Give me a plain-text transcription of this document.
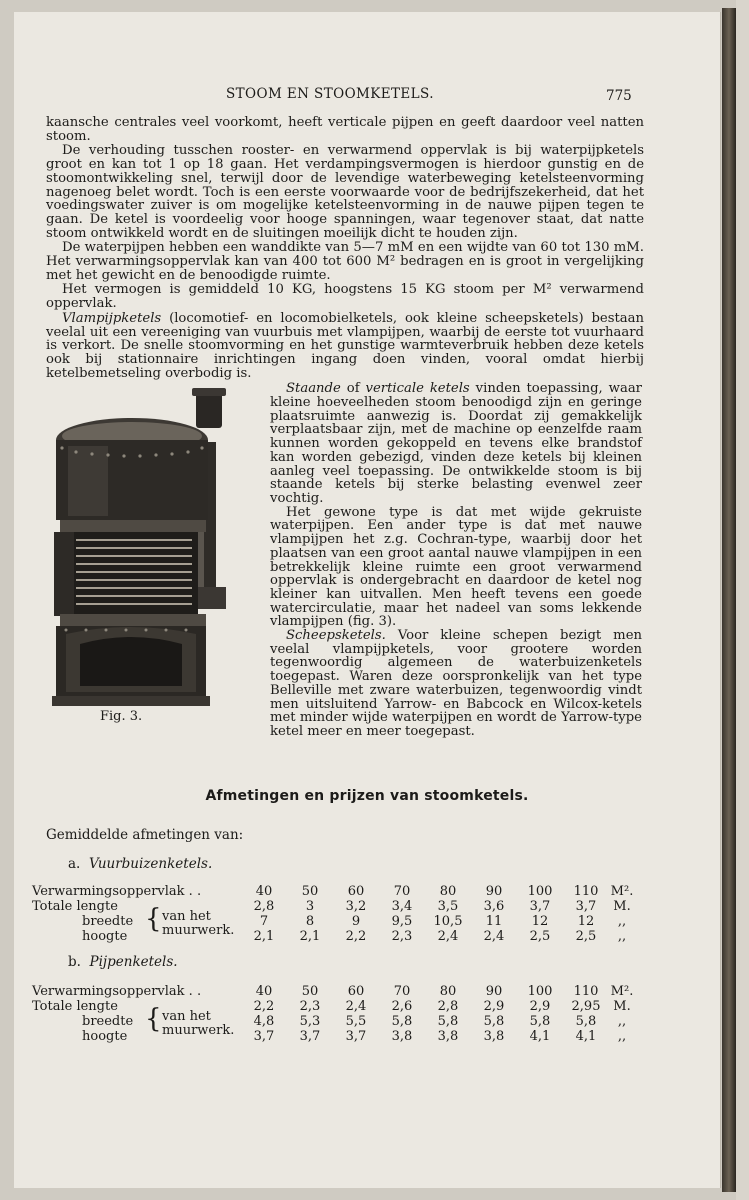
STOOM EN STOOMKETELS.	775

kaansche centrales veel voorkomt, heeft verticale pijpen en geeft daardoor veel natten stoom.

De verhouding tusschen rooster- en verwarmend oppervlak is bij waterpijpketels groot en kan tot 1 op 18 gaan. Het verdampingsvermogen is hierdoor gunstig en de stoomontwikkeling snel, terwijl door de levendige waterbeweging ketelsteenvorming nagenoeg belet wordt. Toch is een eerste voorwaarde voor de bedrijfszekerheid, dat het voedingswater zuiver is om mogelijke ketelsteenvorming in de nauwe pijpen tegen te gaan. De ketel is voordeelig voor hooge spanningen, waar tegenover staat, dat natte stoom ontwikkeld wordt en de sluitingen moeilijk dicht te houden zijn.

De waterpijpen hebben een wanddikte van 5—7 mM en een wijdte van 60 tot 130 mM. Het verwarmingsoppervlak kan van 400 tot 600 M² bedragen en is groot in vergelijking met het gewicht en de benoodigde ruimte.

Het vermogen is gemiddeld 10 KG, hoogstens 15 KG stoom per M² verwarmend oppervlak.

Vlampijpketels (locomotief- en locomobielketels, ook kleine scheepsketels) bestaan veelal uit een vereeniging van vuurbuis met vlampijpen, waarbij de eerste tot vuurhaard is verkort. De snelle stoomvorming en het gunstige warmteverbruik hebben deze ketels ook bij stationnaire inrichtingen ingang doen vinden, vooral omdat hierbij ketelbemetseling overbodig is.

Fig. 3.

Staande of verticale ketels vinden toepassing, waar kleine hoeveelheden stoom benoodigd zijn en geringe plaatsruimte aanwezig is. Doordat zij gemakkelijk verplaatsbaar zijn, met de machine op eenzelfde raam kunnen worden gekoppeld en tevens elke brandstof kan worden gebezigd, vinden deze ketels bij kleinen aanleg veel toepassing. De ontwikkelde stoom is bij staande ketels bij sterke belasting evenwel zeer vochtig.

Het gewone type is dat met wijde gekruiste waterpijpen. Een ander type is dat met nauwe vlampijpen het z.g. Cochran-type, waarbij door het plaatsen van een groot aantal nauwe vlampijpen in een betrekkelijk kleine ruimte een groot verwarmend oppervlak is ondergebracht en daardoor de ketel nog kleiner kan uitvallen. Men heeft tevens een goede watercirculatie, maar het nadeel van soms lekkende vlampijpen (fig. 3).

Scheepsketels. Voor kleine schepen bezigt men veelal vlampijpketels, voor grootere worden tegenwoordig algemeen de waterbuizenketels toegepast. Waren deze oorspronkelijk van het type Belleville met zware waterbuizen, tegenwoordig vindt men uitsluitend Yarrow- en Babcock en Wilcox-ketels met minder wijde waterpijpen en wordt de Yarrow-type ketel meer en meer toegepast.

Afmetingen en prijzen van stoomketels.
Gemiddelde afmetingen van:
a. Vuurbuizenketels.
Verwarmingsoppervlak . .	40	50	60	70	80	90	100	110 M².
Totale lengte	2,8	3	3,2	3,4	3,5	3,6	3,7	3,7	M.
breedte	7	8	9	9,5	10,5	11	12	12	,,
hoogte	2,1	2,1	2,2	2,3	2,4	2,4	2,5	2,5	,,
{ van het muurwerk.
b. Pijpenketels.
Verwarmingsoppervlak . .	40	50	60	70	80	90	100	110 M².
Totale lengte	2,2	2,3	2,4	2,6	2,8	2,9	2,9	2,95 M.
breedte	4,8	5,3	5,5	5,8	5,8	5,8	5,8	5,8	,,
hoogte	3,7	3,7	3,7	3,8	3,8	3,8	4,1	4,1	,,
{ van het muurwerk.
